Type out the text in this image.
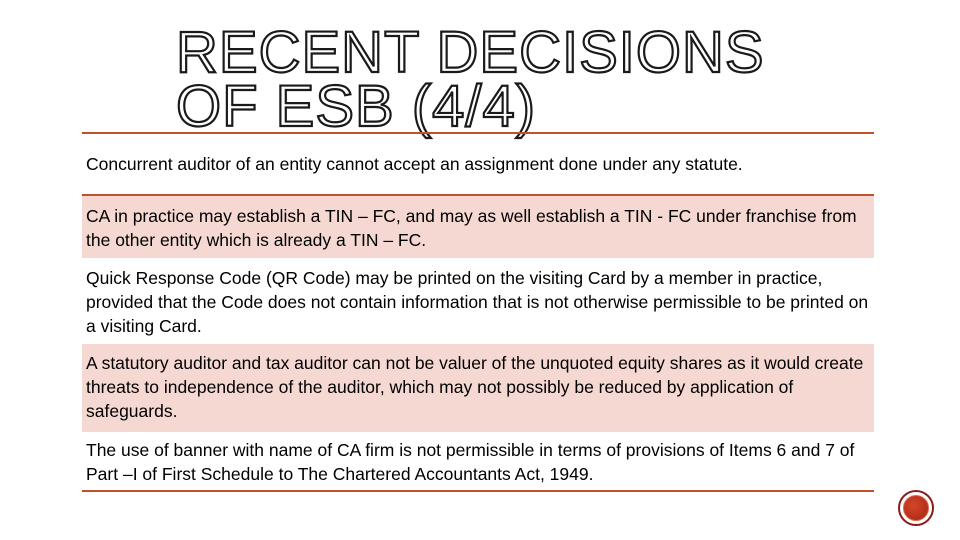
RECENT DECISIONS
OF ESB (4/4)
Concurrent auditor of an entity cannot accept an assignment done under any statute.
CA in practice may establish a TIN – FC, and may as well establish a TIN - FC under franchise from the other entity which is already a TIN – FC.
Quick Response Code (QR Code) may be printed on the visiting Card by a member in practice, provided that the Code does not contain information that is not otherwise permissible to be printed on a visiting Card.
A statutory auditor and tax auditor can not be valuer of the unquoted equity shares as it would create threats to independence of the auditor, which may not possibly be reduced by application of safeguards.
The use of banner with name of CA firm is not permissible in terms of provisions of Items 6 and 7 of Part –I of First Schedule to The Chartered Accountants Act, 1949.
